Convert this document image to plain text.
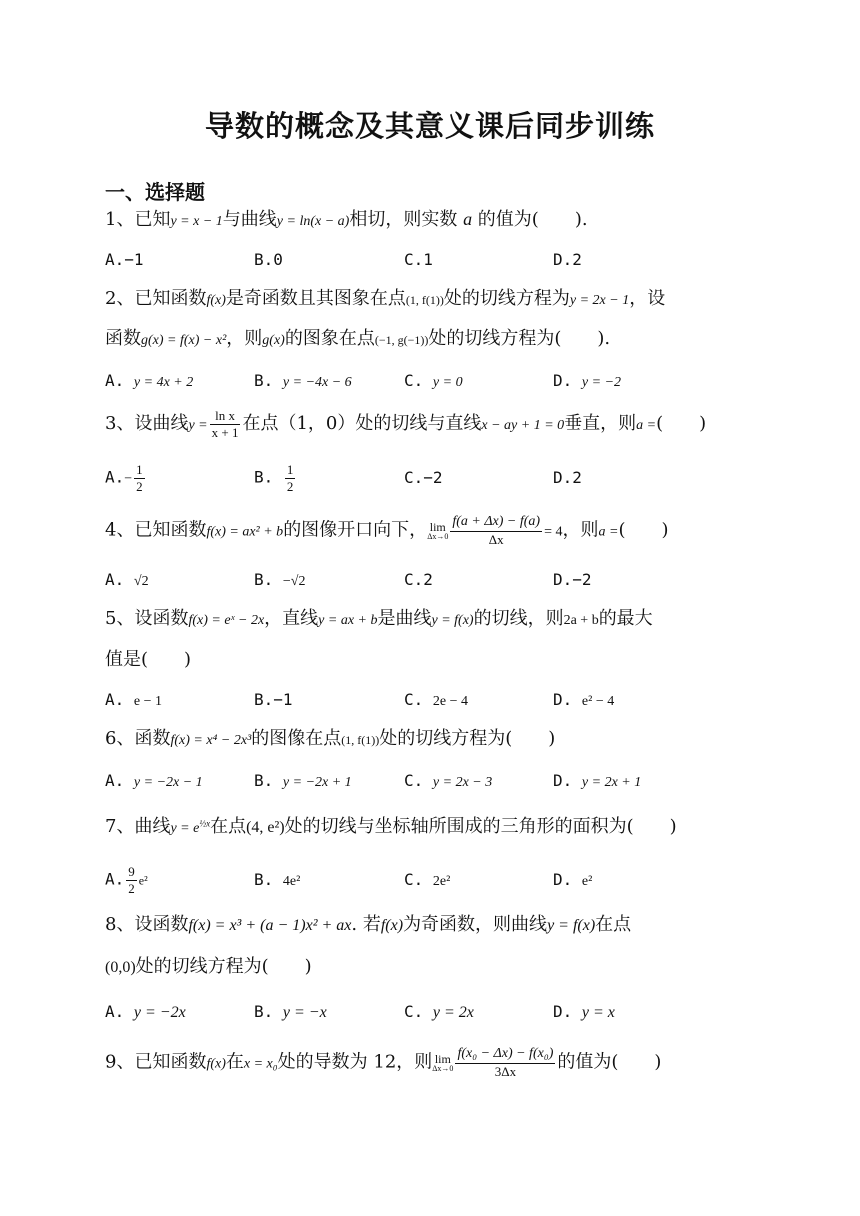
导数的概念及其意义课后同步训练
一、选择题
1、已知y = x − 1与曲线y = ln(x − a)相切，则实数 a 的值为(　　).
A.−1	B.0	C.1	D.2
2、已知函数f(x)是奇函数且其图象在点(1, f(1))处的切线方程为y = 2x − 1，设
函数g(x) = f(x) − x²，则g(x)的图象在点(−1, g(−1))处的切线方程为(　　).
A. y = 4x + 2	B. y = −4x − 6	C. y = 0	D. y = −2
3、设曲线$y = \frac{\text{ln x}}{x + 1}$ 在点（1，0）处的切线与直线x − ay + 1 = 0垂直，则a =(　　)
$A.- \frac{1}{2}$	B. $\frac{1}{2}$	C.−2	D.2
4、已知函数f(x) = ax² + b的图像开口向下， lim
$\Delta x\to 0 \frac{f(a + \Delta x) - f(a)}{\Delta x} = 4$，则a =(　　)
A. √2	B. −√2	C.2	D.−2
5、设函数f(x) = eˣ − 2x，直线y = ax + b是曲线y = f(x)的切线，则2a + b的最大
值是(　　)
A. e − 1	B.−1	C. 2e − 4	D. e² − 4
6、函数f(x) = x⁴ − 2x³的图像在点(1, f(1))处的切线方程为(　　)
A. y = −2x − 1	B. y = −2x + 1	C. y = 2x − 3	D. y = 2x + 1
7、曲线$y = e^{\frac{1}{2}x}$在点(4, e²)处的切线与坐标轴所围成的三角形的面积为(　　)
A. $\frac{9}{2} e^2$	B. 4e²	C. 2e²	D. e²
8、设函数f(x) = x³ + (a − 1)x² + ax. 若f(x)为奇函数，则曲线y = f(x)在点
(0,0)处的切线方程为(　　)
A. y = −2x	B. y = −x	C. y = 2x	D. y = x
9、已知函数f(x)在x = x₀处的导数为 12，则 lim
$\Delta x\to 0 \frac{\text{f(x₀ − Δx) − f(x₀)}}{3\Delta x}$ 的值为(　　)
